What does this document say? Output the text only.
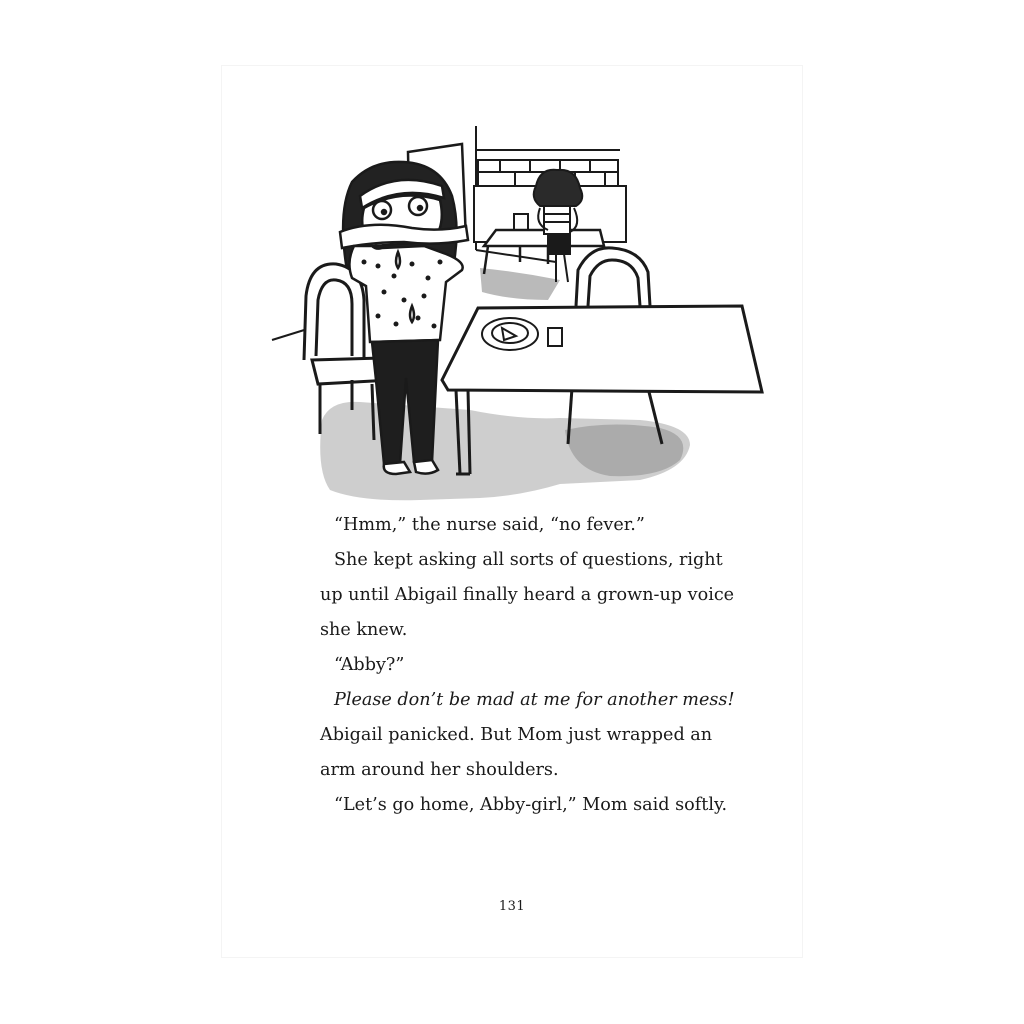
“Hmm,” the nurse said, “no fever.”

She kept asking all sorts of questions, right

up until Abigail finally heard a grown-up voice

she knew.

“Abby?”

Please don’t be mad at me for another mess!

Abigail panicked. But Mom just wrapped an

arm around her shoulders.

“Let’s go home, Abby-girl,” Mom said softly.

131
